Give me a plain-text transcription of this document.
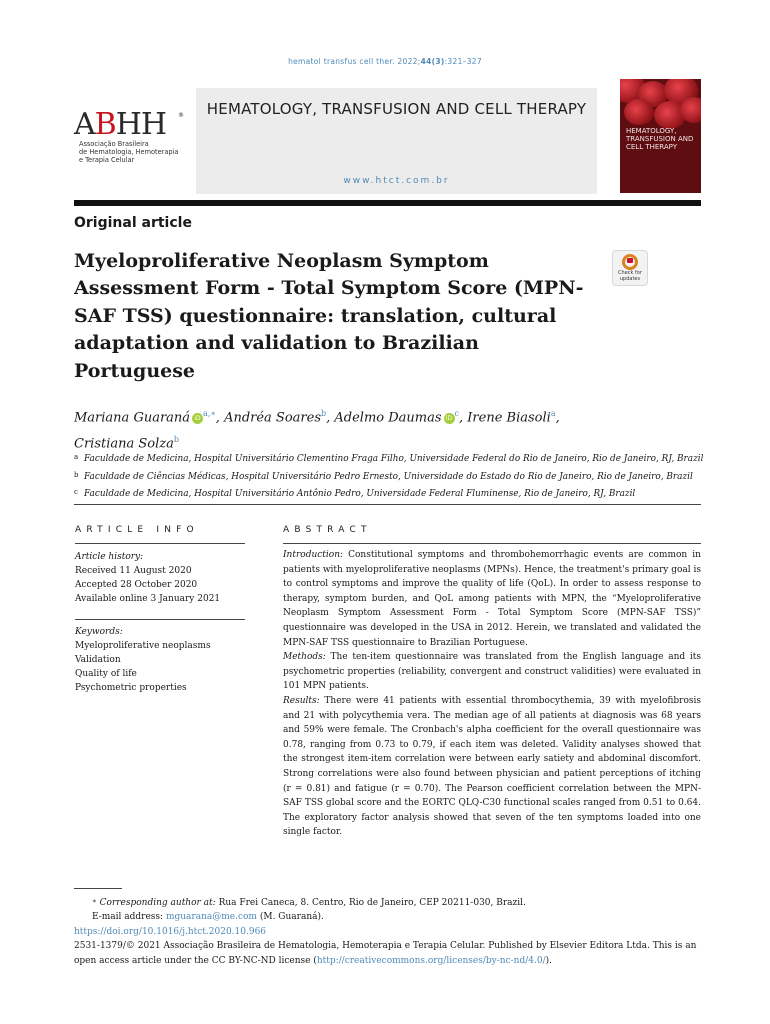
hematol transfus cell ther. 2022;44(3):321–327
ABHH	®
Associação Brasileira
de Hematologia, Hemoterapia
e Terapia Celular
HEMATOLOGY, TRANSFUSION AND CELL THERAPY
www.htct.com.br
HEMATOLOGY,
TRANSFUSION AND
CELL THERAPY
Original article
Myeloproliferative Neoplasm Symptom Assessment Form - Total Symptom Score (MPN-SAF TSS) questionnaire: translation, cultural adaptation and validation to Brazilian Portuguese
Check for
updates
Mariana Guaraná $iD^{a,∗}$, Andréa Soares$^b$, Adelmo Daumas $iD^c$, Irene Biasoli$^a$,
Cristiana Solza$^b$
a Faculdade de Medicina, Hospital Universitário Clementino Fraga Filho, Universidade Federal do Rio de Janeiro, Rio de Janeiro, RJ, Brazil
b Faculdade de Ciências Médicas, Hospital Universitário Pedro Ernesto, Universidade do Estado do Rio de Janeiro, Rio de Janeiro, Brazil
c Faculdade de Medicina, Hospital Universitário Antônio Pedro, Universidade Federal Fluminense, Rio de Janeiro, RJ, Brazil
ARTICLE INFO	ABSTRACT
Article history:
Received 11 August 2020
Accepted 28 October 2020
Available online 3 January 2021
Keywords:
Myeloproliferative neoplasms
Validation
Quality of life
Psychometric properties

Introduction: Constitutional symptoms and thrombohemorrhagic events are common in patients with myeloproliferative neoplasms (MPNs). Hence, the treatment's primary goal is to control symptoms and improve the quality of life (QoL). In order to assess response to therapy, symptom burden, and QoL among patients with MPN, the “Myeloproliferative Neoplasm Symptom Assessment Form - Total Symptom Score (MPN-SAF TSS)” questionnaire was developed in the USA in 2012. Herein, we translated and validated the MPN-SAF TSS questionnaire to Brazilian Portuguese.

Methods: The ten-item questionnaire was translated from the English language and its psychometric properties (reliability, convergent and construct validities) were evaluated in 101 MPN patients.

Results: There were 41 patients with essential thrombocythemia, 39 with myelofibrosis and 21 with polycythemia vera. The median age of all patients at diagnosis was 68 years and 59% were female. The Cronbach's alpha coefficient for the overall questionnaire was 0.78, ranging from 0.73 to 0.79, if each item was deleted. Validity analyses showed that the strongest item-item correlation were between early satiety and abdominal discomfort. Strong correlations were also found between physician and patient perceptions of itching (r = 0.81) and fatigue (r = 0.70). The Pearson coefficient correlation between the MPN-SAF TSS global score and the EORTC QLQ-C30 functional scales ranged from 0.51 to 0.64. The exploratory factor analysis showed that seven of the ten symptoms loaded into one single factor.

∗ Corresponding author at: Rua Frei Caneca, 8. Centro, Rio de Janeiro, CEP 20211-030, Brazil.
E-mail address: mguarana@me.com (M. Guaraná).
https://doi.org/10.1016/j.htct.2020.10.966
2531-1379/© 2021 Associação Brasileira de Hematologia, Hemoterapia e Terapia Celular. Published by Elsevier Editora Ltda. This is an open access article under the CC BY-NC-ND license (http://creativecommons.org/licenses/by-nc-nd/4.0/).
